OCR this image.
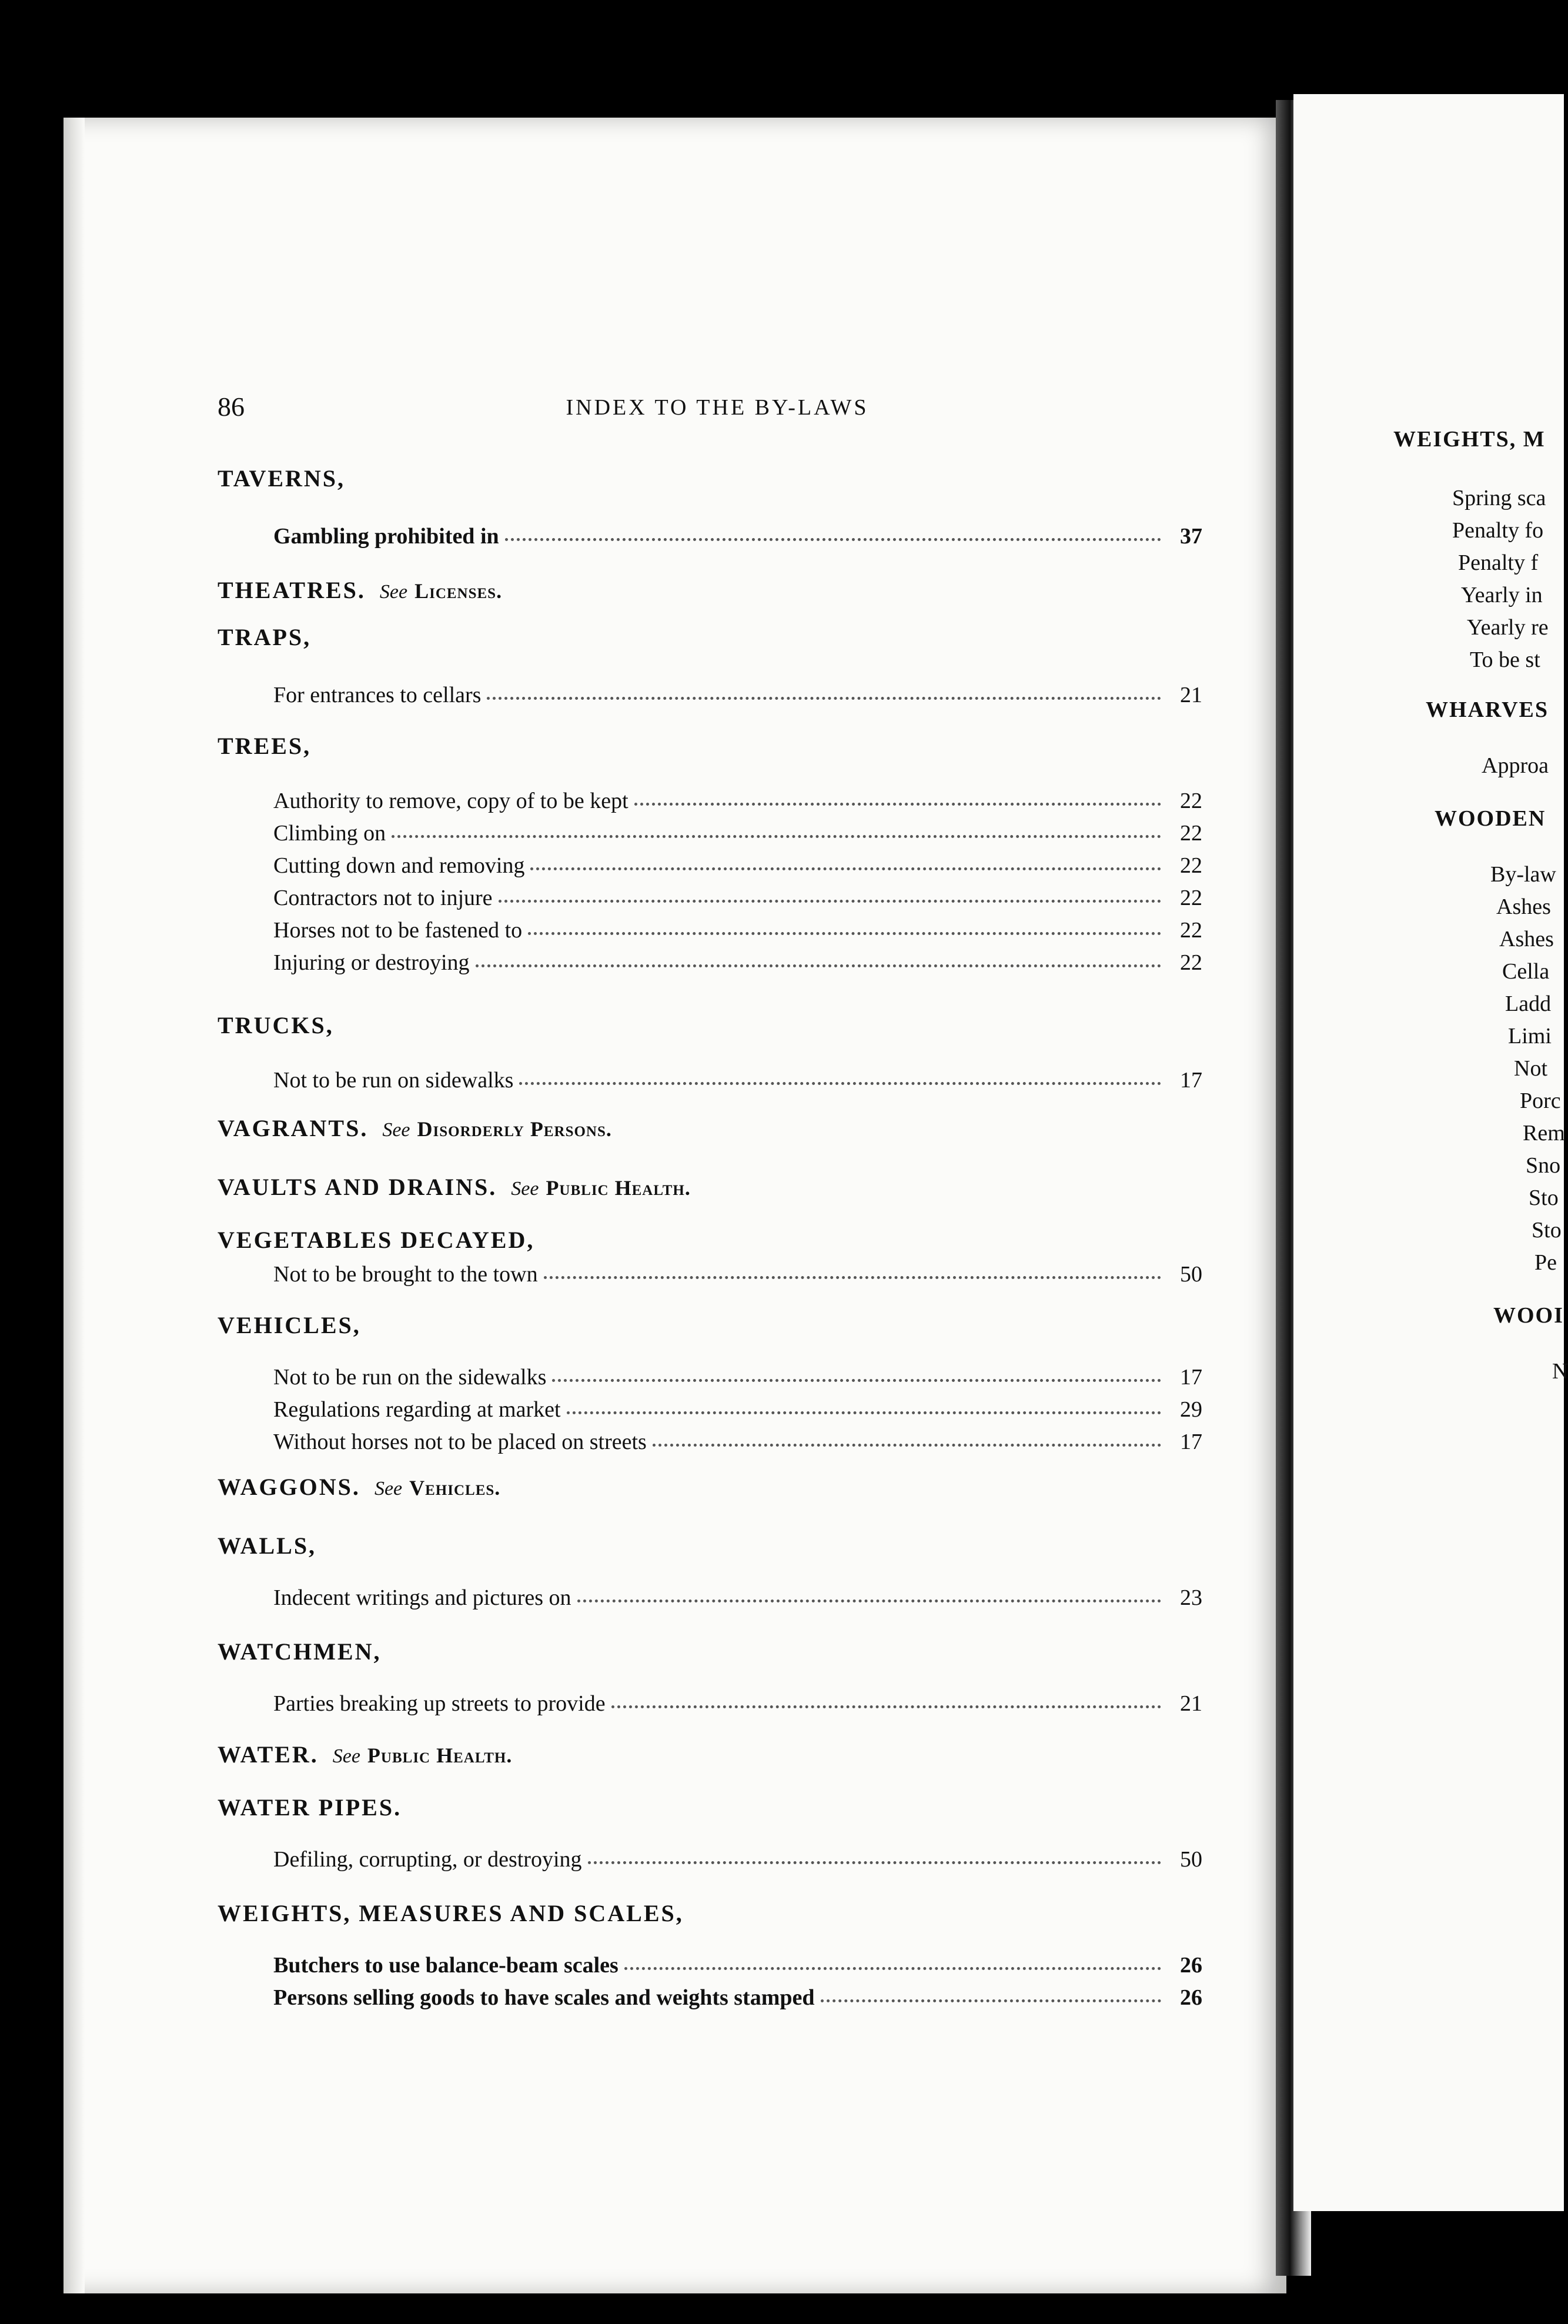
86	INDEX TO THE BY-LAWS
TAVERNS,
Gambling prohibited in	37
THEATRES. See Licenses.
TRAPS,
For entrances to cellars	21
TREES,
Authority to remove, copy of to be kept	22
Climbing on	22
Cutting down and removing	22
Contractors not to injure	22
Horses not to be fastened to	22
Injuring or destroying	22
TRUCKS,
Not to be run on sidewalks	17
VAGRANTS. See Disorderly Persons.
VAULTS AND DRAINS. See Public Health.
VEGETABLES DECAYED,
Not to be brought to the town	50
VEHICLES,
Not to be run on the sidewalks	17
Regulations regarding at market	29
Without horses not to be placed on streets	17
WAGGONS. See Vehicles.
WALLS,
Indecent writings and pictures on	23
WATCHMEN,
Parties breaking up streets to provide	21
WATER. See Public Health.
WATER PIPES.
Defiling, corrupting, or destroying	50
WEIGHTS, MEASURES AND SCALES,
Butchers to use balance-beam scales	26
Persons selling goods to have scales and weights stamped	26
WEIGHTS, M
Spring sca
Penalty fo
Penalty f
Yearly in
Yearly re
To be st
WHARVES
Approa
WOODEN
By-law
Ashes
Ashes
Cella
Ladd
Limi
Not
Porc
Rem
Sno
Sto
Sto
Pe
WOOI
N
